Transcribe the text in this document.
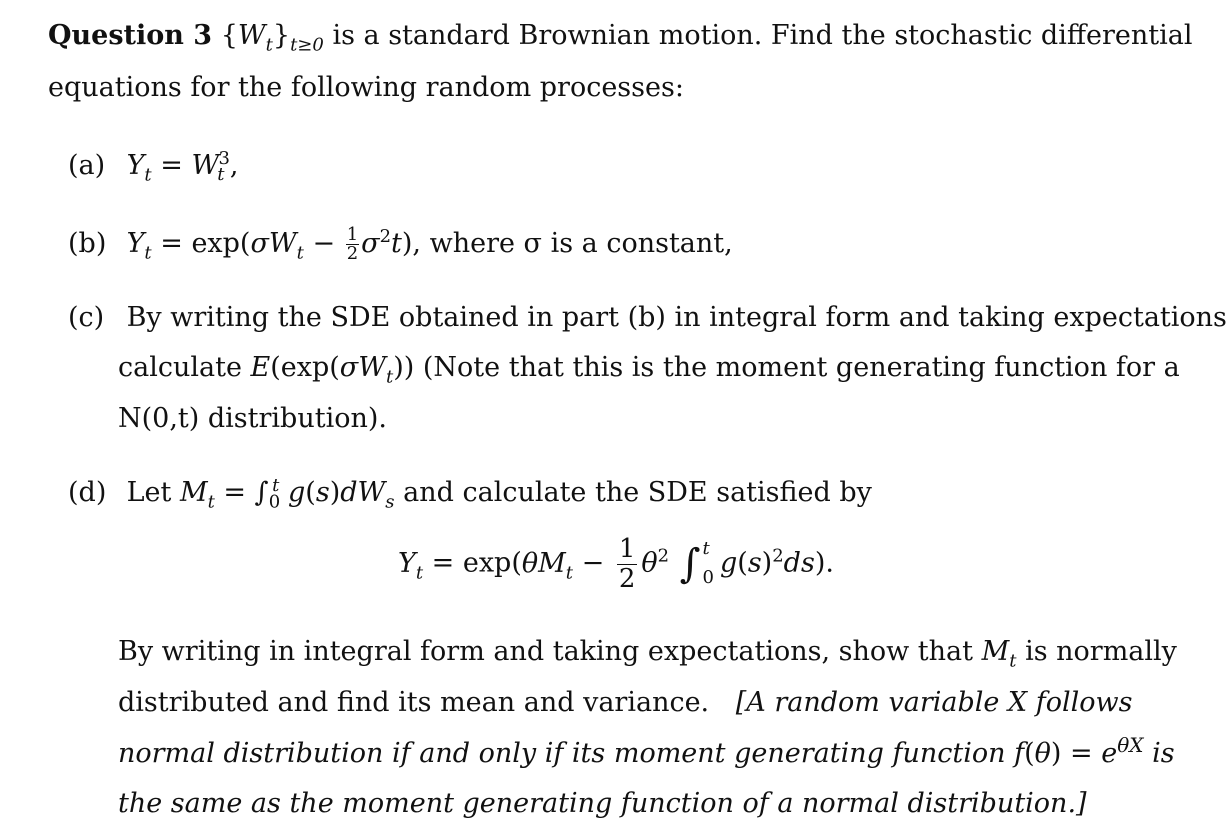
Question 3 $\{W_t\}_{t\ge 0}$ is a standard Brownian motion. Find the stochastic differential
equations for the following random processes:
(a) $Y_t = W_t^3$,
(b) $Y_t = \exp(\sigma W_t - \frac{1}{2} \sigma^2t)$, where σ is a constant,
(c) By writing the SDE obtained in part (b) in integral form and taking expectations
calculate $E(\exp(\sigma W_t))$ (Note that this is the moment generating function for a
N(0,t) distribution).
(d) Let $M_t = \int_0^t$ $g(s)dW_s$ and calculate the SDE satisfied by
$Y_t = \exp(\theta M_t - \frac{1}{2} \theta^2$ ∫ t
0 $g(s)^2ds$).
By writing in integral form and taking expectations, show that $M_t$ is normally
distributed and find its mean and variance. [A random variable X follows
normal distribution if and only if its moment generating function $f(\theta) = e^{\theta X}$ is
the same as the moment generating function of a normal distribution.]
